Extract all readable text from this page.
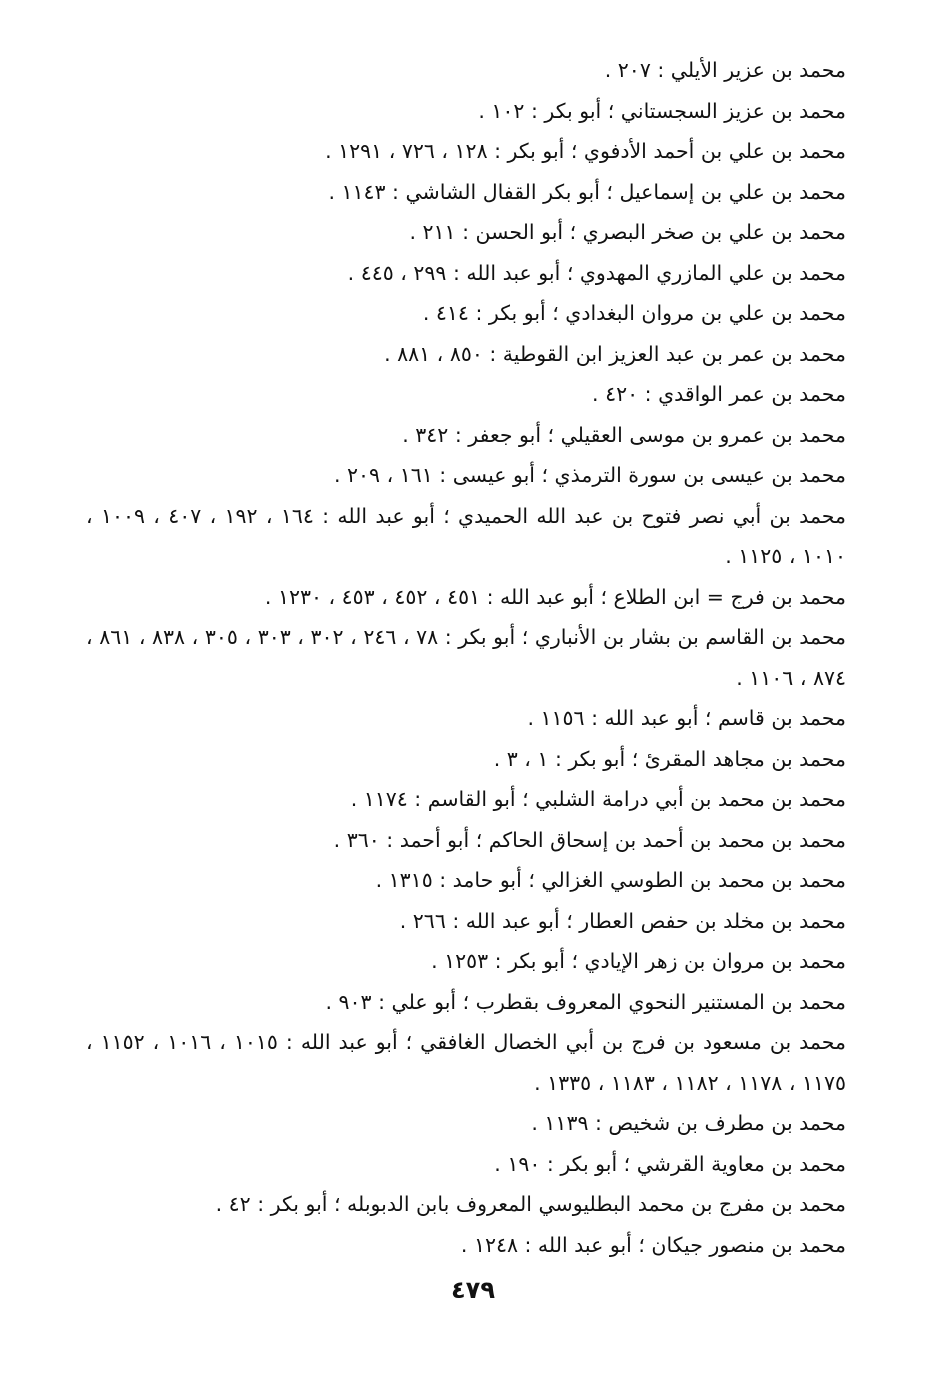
محمد بن عزير الأيلي : ٢٠٧ .
محمد بن عزيز السجستاني ؛ أبو بكر : ١٠٢ .
محمد بن علي بن أحمد الأدفوي ؛ أبو بكر : ١٢٨ ، ٧٢٦ ، ١٢٩١ .
محمد بن علي بن إسماعيل ؛ أبو بكر القفال الشاشي : ١١٤٣ .
محمد بن علي بن صخر البصري ؛ أبو الحسن : ٢١١ .
محمد بن علي المازري المهدوي ؛ أبو عبد الله : ٢٩٩ ، ٤٤٥ .
محمد بن علي بن مروان البغدادي ؛ أبو بكر : ٤١٤ .
محمد بن عمر بن عبد العزيز ابن القوطية : ٨٥٠ ، ٨٨١ .
محمد بن عمر الواقدي : ٤٢٠ .
محمد بن عمرو بن موسى العقيلي ؛ أبو جعفر : ٣٤٢ .
محمد بن عيسى بن سورة الترمذي ؛ أبو عيسى : ١٦١ ، ٢٠٩ .
محمد بن أبي نصر فتوح بن عبد الله الحميدي ؛ أبو عبد الله : ١٦٤ ، ١٩٢ ، ٤٠٧ ، ١٠٠٩ ، ١٠١٠ ، ١١٢٥ .
محمد بن فرج = ابن الطلاع ؛ أبو عبد الله : ٤٥١ ، ٤٥٢ ، ٤٥٣ ، ١٢٣٠ .
محمد بن القاسم بن بشار بن الأنباري ؛ أبو بكر : ٧٨ ، ٢٤٦ ، ٣٠٢ ، ٣٠٣ ، ٣٠٥ ، ٨٣٨ ، ٨٦١ ، ٨٧٤ ، ١١٠٦ .
محمد بن قاسم ؛ أبو عبد الله : ١١٥٦ .
محمد بن مجاهد المقرئ ؛ أبو بكر : ١ ، ٣ .
محمد بن محمد بن أبي درامة الشلبي ؛ أبو القاسم : ١١٧٤ .
محمد بن محمد بن أحمد بن إسحاق الحاكم ؛ أبو أحمد : ٣٦٠ .
محمد بن محمد بن الطوسي الغزالي ؛ أبو حامد : ١٣١٥ .
محمد بن مخلد بن حفص العطار ؛ أبو عبد الله : ٢٦٦ .
محمد بن مروان بن زهر الإيادي ؛ أبو بكر : ١٢٥٣ .
محمد بن المستنير النحوي المعروف بقطرب ؛ أبو علي : ٩٠٣ .
محمد بن مسعود بن فرج بن أبي الخصال الغافقي ؛ أبو عبد الله : ١٠١٥ ، ١٠١٦ ، ١١٥٢ ، ١١٧٥ ، ١١٧٨ ، ١١٨٢ ، ١١٨٣ ، ١٣٣٥ .
محمد بن مطرف بن شخيص : ١١٣٩ .
محمد بن معاوية القرشي ؛ أبو بكر : ١٩٠ .
محمد بن مفرج بن محمد البطليوسي المعروف بابن الدبوبله ؛ أبو بكر : ٤٢ .
محمد بن منصور جيكان ؛ أبو عبد الله : ١٢٤٨ .
٤٧٩
